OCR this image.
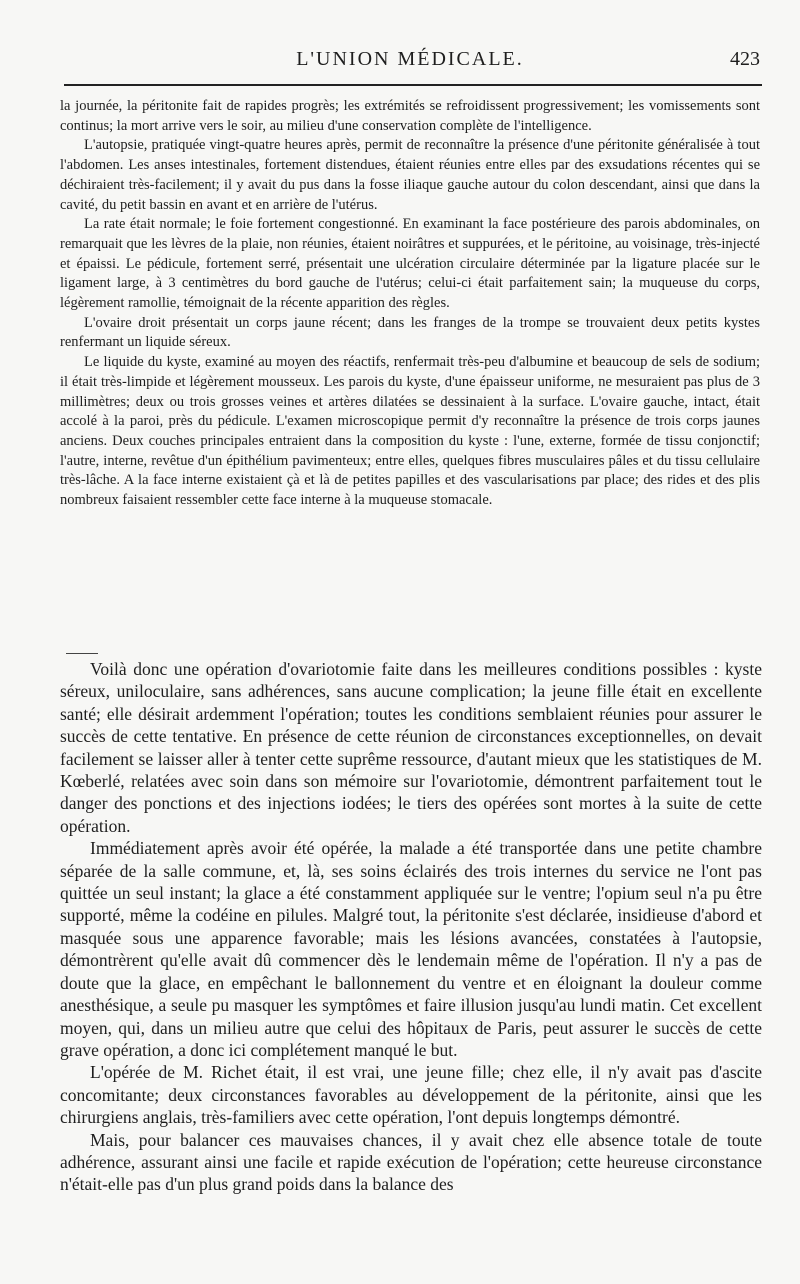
L'UNION MÉDICALE.	423

la journée, la péritonite fait de rapides progrès; les extrémités se refroidissent progressivement; les vomissements sont continus; la mort arrive vers le soir, au milieu d'une conservation complète de l'intelligence.

L'autopsie, pratiquée vingt-quatre heures après, permit de reconnaître la présence d'une péritonite généralisée à tout l'abdomen. Les anses intestinales, fortement distendues, étaient réunies entre elles par des exsudations récentes qui se déchiraient très-facilement; il y avait du pus dans la fosse iliaque gauche autour du colon descendant, ainsi que dans la cavité, du petit bassin en avant et en arrière de l'utérus.

La rate était normale; le foie fortement congestionné. En examinant la face postérieure des parois abdominales, on remarquait que les lèvres de la plaie, non réunies, étaient noirâtres et suppurées, et le péritoine, au voisinage, très-injecté et épaissi. Le pédicule, fortement serré, présentait une ulcération circulaire déterminée par la ligature placée sur le ligament large, à 3 centimètres du bord gauche de l'utérus; celui-ci était parfaitement sain; la muqueuse du corps, légèrement ramollie, témoignait de la récente apparition des règles.

L'ovaire droit présentait un corps jaune récent; dans les franges de la trompe se trouvaient deux petits kystes renfermant un liquide séreux.

Le liquide du kyste, examiné au moyen des réactifs, renfermait très-peu d'albumine et beaucoup de sels de sodium; il était très-limpide et légèrement mousseux. Les parois du kyste, d'une épaisseur uniforme, ne mesuraient pas plus de 3 millimètres; deux ou trois grosses veines et artères dilatées se dessinaient à la surface. L'ovaire gauche, intact, était accolé à la paroi, près du pédicule. L'examen microscopique permit d'y reconnaître la présence de trois corps jaunes anciens. Deux couches principales entraient dans la composition du kyste : l'une, externe, formée de tissu conjonctif; l'autre, interne, revêtue d'un épithélium pavimenteux; entre elles, quelques fibres musculaires pâles et du tissu cellulaire très-lâche. A la face interne existaient çà et là de petites papilles et des vascularisations par place; des rides et des plis nombreux faisaient ressembler cette face interne à la muqueuse stomacale.

Voilà donc une opération d'ovariotomie faite dans les meilleures conditions possibles : kyste séreux, uniloculaire, sans adhérences, sans aucune complication; la jeune fille était en excellente santé; elle désirait ardemment l'opération; toutes les conditions semblaient réunies pour assurer le succès de cette tentative. En présence de cette réunion de circonstances exceptionnelles, on devait facilement se laisser aller à tenter cette suprême ressource, d'autant mieux que les statistiques de M. Kœberlé, relatées avec soin dans son mémoire sur l'ovariotomie, démontrent parfaitement tout le danger des ponctions et des injections iodées; le tiers des opérées sont mortes à la suite de cette opération.

Immédiatement après avoir été opérée, la malade a été transportée dans une petite chambre séparée de la salle commune, et, là, ses soins éclairés des trois internes du service ne l'ont pas quittée un seul instant; la glace a été constamment appliquée sur le ventre; l'opium seul n'a pu être supporté, même la codéine en pilules. Malgré tout, la péritonite s'est déclarée, insidieuse d'abord et masquée sous une apparence favorable; mais les lésions avancées, constatées à l'autopsie, démontrèrent qu'elle avait dû commencer dès le lendemain même de l'opération. Il n'y a pas de doute que la glace, en empêchant le ballonnement du ventre et en éloignant la douleur comme anesthésique, a seule pu masquer les symptômes et faire illusion jusqu'au lundi matin. Cet excellent moyen, qui, dans un milieu autre que celui des hôpitaux de Paris, peut assurer le succès de cette grave opération, a donc ici complétement manqué le but.

L'opérée de M. Richet était, il est vrai, une jeune fille; chez elle, il n'y avait pas d'ascite concomitante; deux circonstances favorables au développement de la péritonite, ainsi que les chirurgiens anglais, très-familiers avec cette opération, l'ont depuis longtemps démontré.

Mais, pour balancer ces mauvaises chances, il y avait chez elle absence totale de toute adhérence, assurant ainsi une facile et rapide exécution de l'opération; cette heureuse circonstance n'était-elle pas d'un plus grand poids dans la balance des
